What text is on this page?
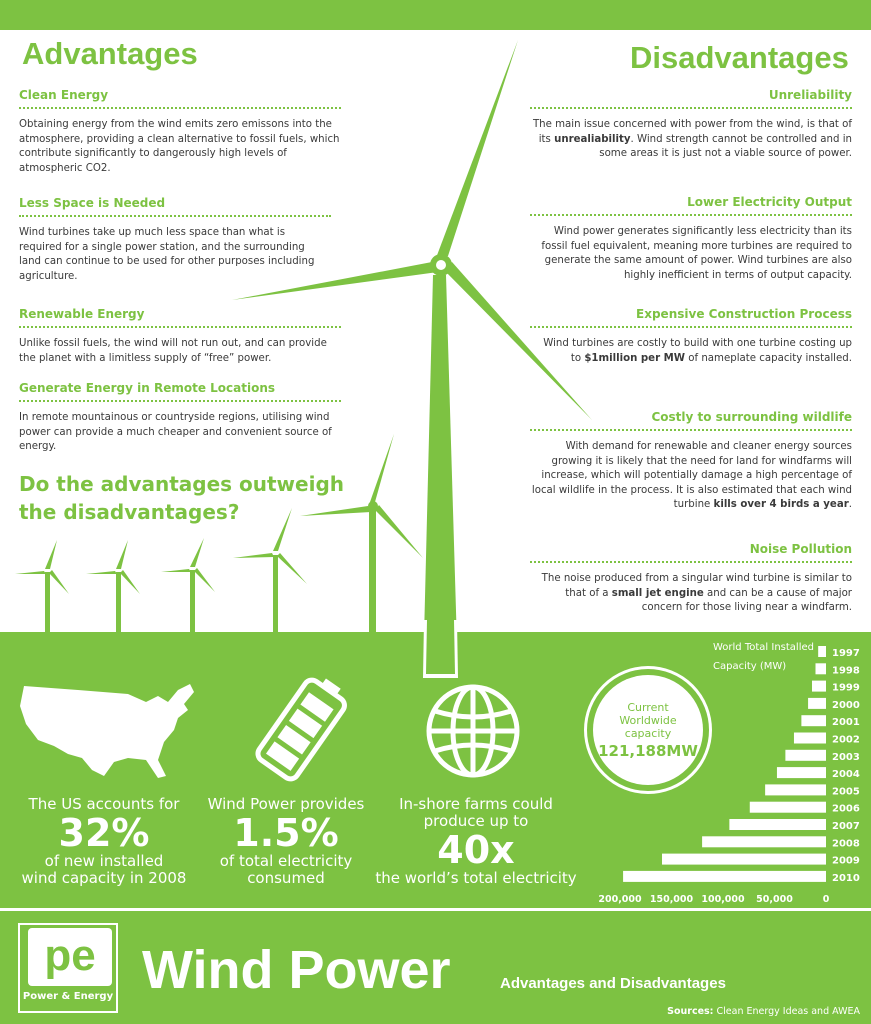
Advantages	Disadvantages
Clean Energy

Obtaining energy from the wind emits zero emissons into the atmosphere, providing a clean alternative to fossil fuels, which contribute significantly to dangerously high levels of atmospheric CO2.

Less Space is Needed

Wind turbines take up much less space than what is required for a single power station, and the surrounding land can continue to be used for other purposes including agriculture.

Renewable Energy

Unlike fossil fuels, the wind will not run out, and can provide the planet with a limitless supply of “free” power.

Generate Energy in Remote Locations

In remote mountainous or countryside regions, utilising wind power can provide a much cheaper and convenient source of energy.

Do the advantages outweigh the disadvantages?
Unreliability

The main issue concerned with power from the wind, is that of its unrealiability. Wind strength cannot be controlled and in some areas it is just not a viable source of power.

Lower Electricity Output

Wind power generates significantly less electricity than its fossil fuel equivalent, meaning more turbines are required to generate the same amount of power. Wind turbines are also highly inefficient in terms of output capacity.

Expensive Construction Process

Wind turbines are costly to build with one turbine costing up to $1million per MW of nameplate capacity installed.

Costly to surrounding wildlife

With demand for renewable and cleaner energy sources growing it is likely that the need for land for windfarms will increase, which will potentially damage a high percentage of local wildlife in the process. It is also estimated that each wind turbine kills over 4 birds a year.

Noise Pollution

The noise produced from a singular wind turbine is similar to that of a small jet engine and can be a cause of major concern for those living near a windfarm.

The US accounts for
32%
of new installed
wind capacity in 2008
Wind Power provides
1.5%
of total electricity
consumed
In-shore farms could
produce up to
40x
the world’s total electricity
Current Worldwide capacity
121,188MW
World Total Installed
Capacity (MW)
1997
1998
1999
2000
2001
2002
2003
2004
2005
2006
2007
2008
2009
2010
200,000 150,000 100,000 50,000	0
pe
Power & Energy Wind Power	Advantages and Disadvantages
Sources: Clean Energy Ideas and AWEA
